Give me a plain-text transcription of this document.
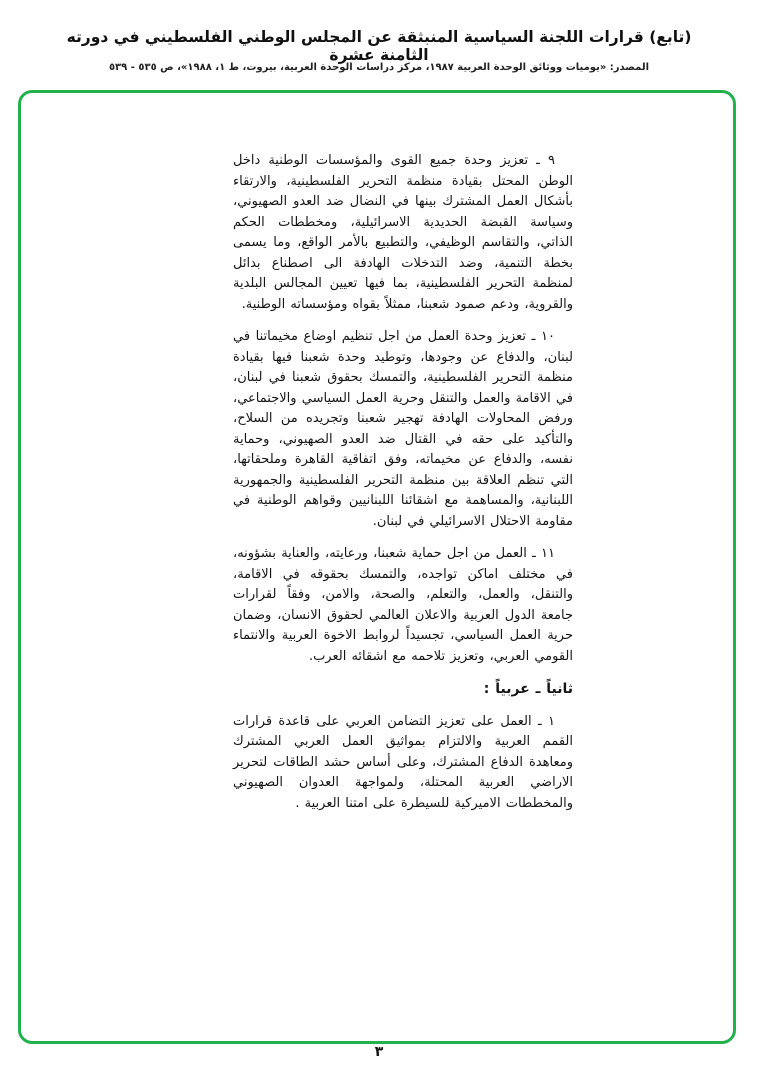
(تابع) قرارات اللجنة السياسية المنبثقة عن المجلس الوطني الفلسطيني في دورته الثامنة عشرة
المصدر: «يوميات ووثائق الوحدة العربية ١٩٨٧، مركز دراسات الوحدة العربية، بيروت، ط ١، ١٩٨٨»، ص ٥٣٥ - ٥٣٩
٩ ـ تعزيز وحدة جميع القوى والمؤسسات الوطنية داخل الوطن المحتل بقيادة منظمة التحرير الفلسطينية، والارتقاء بأشكال العمل المشترك بينها في النضال ضد العدو الصهيوني، وسياسة القبضة الحديدية الاسرائيلية، ومخططات الحكم الذاتي، والتقاسم الوظيفي، والتطبيع بالأمر الواقع، وما يسمى بخطة التنمية، وضد التدخلات الهادفة الى اصطناع بدائل لمنظمة التحرير الفلسطينية، بما فيها تعيين المجالس البلدية والقروية، ودعم صمود شعبنا، ممثلاً بقواه ومؤسساته الوطنية.
١٠ ـ تعزيز وحدة العمل من اجل تنظيم اوضاع مخيماتنا في لبنان، والدفاع عن وجودها، وتوطيد وحدة شعبنا فيها بقيادة منظمة التحرير الفلسطينية، والتمسك بحقوق شعبنا في لبنان، في الاقامة والعمل والتنقل وحرية العمل السياسي والاجتماعي، ورفض المحاولات الهادفة تهجير شعبنا وتجريده من السلاح، والتأكيد على حقه في القتال ضد العدو الصهيوني، وحماية نفسه، والدفاع عن مخيماته، وفق اتفاقية القاهرة وملحقاتها، التي تنظم العلاقة بين منظمة التحرير الفلسطينية والجمهورية اللبنانية، والمساهمة مع اشقائنا اللبنانيين وقواهم الوطنية في مقاومة الاحتلال الاسرائيلي في لبنان.
١١ ـ العمل من اجل حماية شعبنا، ورعايته، والعناية بشؤونه، في مختلف اماكن تواجده، والتمسك بحقوقه في الاقامة، والتنقل، والعمل، والتعلم، والصحة، والامن، وفقاً لقرارات جامعة الدول العربية والاعلان العالمي لحقوق الانسان، وضمان حرية العمل السياسي، تجسيداً لروابط الاخوة العربية والانتماء القومي العربي، وتعزيز تلاحمه مع اشقائه العرب.
ثانياً ـ عربياً :
١ ـ العمل على تعزيز التضامن العربي على قاعدة قرارات القمم العربية والالتزام بمواثيق العمل العربي المشترك ومعاهدة الدفاع المشترك، وعلى أساس حشد الطاقات لتحرير الاراضي العربية المحتلة، ولمواجهة العدوان الصهيوني والمخططات الاميركية للسيطرة على امتنا العربية .
٣
